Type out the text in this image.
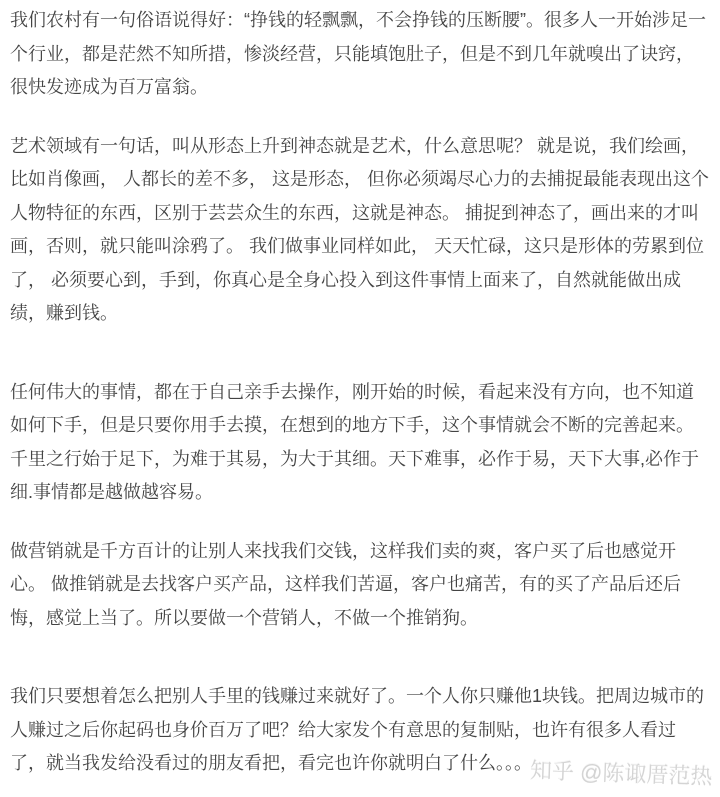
我们农村有一句俗语说得好：“挣钱的轻飘飘，不会挣钱的压断腰”。很多人一开始涉足一个行业，都是茫然不知所措，惨淡经营，只能填饱肚子，但是不到几年就嗅出了诀窍，很快发迹成为百万富翁。

艺术领域有一句话，叫从形态上升到神态就是艺术，什么意思呢？ 就是说，我们绘画，比如肖像画， 人都长的差不多， 这是形态， 但你必须竭尽心力的去捕捉最能表现出这个人物特征的东西，区别于芸芸众生的东西，这就是神态。 捕捉到神态了，画出来的才叫画，否则，就只能叫涂鸦了。 我们做事业同样如此， 天天忙碌，这只是形体的劳累到位了， 必须要心到，手到，你真心是全身心投入到这件事情上面来了，自然就能做出成绩，赚到钱。

任何伟大的事情，都在于自己亲手去操作，刚开始的时候，看起来没有方向，也不知道如何下手，但是只要你用手去摸，在想到的地方下手，这个事情就会不断的完善起来。千里之行始于足下，为难于其易，为大于其细。天下难事，必作于易，天下大事,必作于细.事情都是越做越容易。

做营销就是千方百计的让别人来找我们交钱，这样我们卖的爽，客户买了后也感觉开心。 做推销就是去找客户买产品，这样我们苦逼，客户也痛苦，有的买了产品后还后悔，感觉上当了。所以要做一个营销人，不做一个推销狗。

我们只要想着怎么把别人手里的钱赚过来就好了。一个人你只赚他1块钱。把周边城市的人赚过之后你起码也身价百万了吧？给大家发个有意思的复制贴，也许有很多人看过了，就当我发给没看过的朋友看把，看完也许你就明白了什么。。。

知乎 @陈诹厝范热
